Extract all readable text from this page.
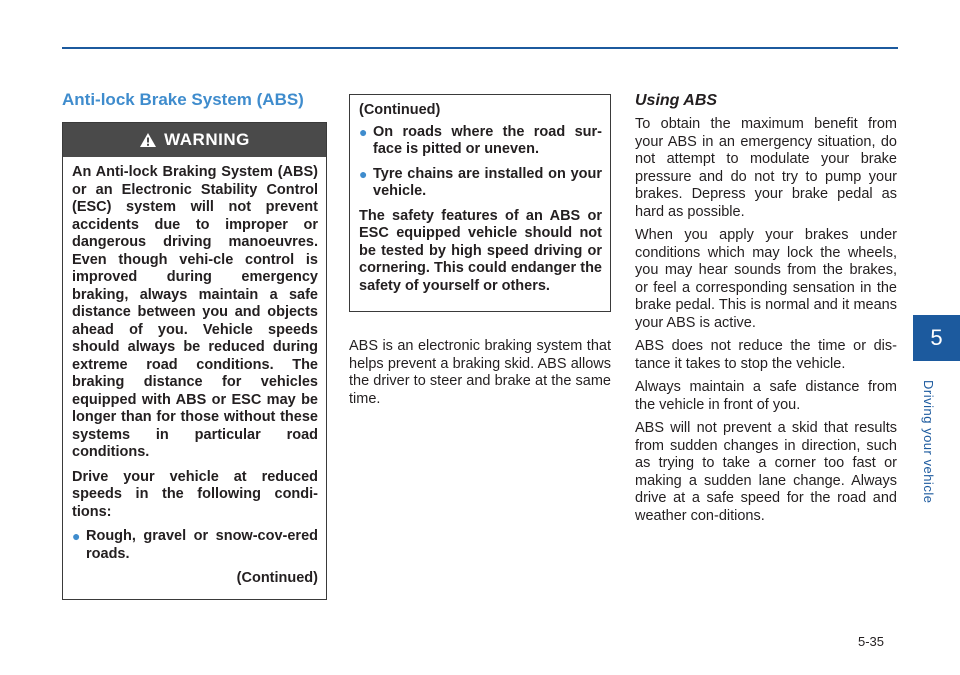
Anti-lock Brake System (ABS)
WARNING

An Anti-lock Braking System (ABS) or an Electronic Stability Control (ESC) system will not prevent accidents due to improper or dangerous driving manoeuvres. Even though vehi-cle control is improved during emergency braking, always maintain a safe distance between you and objects ahead of you. Vehicle speeds should always be reduced during extreme road conditions. The braking distance for vehicles equipped with ABS or ESC may be longer than for those without these systems in particular road conditions.

Drive your vehicle at reduced speeds in the following condi-tions:

● Rough, gravel or snow-cov-ered roads.
(Continued)
(Continued)
● On roads where the road sur-face is pitted or uneven.
● Tyre chains are installed on your vehicle.

The safety features of an ABS or ESC equipped vehicle should not be tested by high speed driving or cornering. This could endanger the safety of yourself or others.

ABS is an electronic braking system that helps prevent a braking skid. ABS allows the driver to steer and brake at the same time.

Using ABS

To obtain the maximum benefit from your ABS in an emergency situation, do not attempt to modulate your brake pressure and do not try to pump your brakes. Depress your brake pedal as hard as possible.

When you apply your brakes under conditions which may lock the wheels, you may hear sounds from the brakes, or feel a corresponding sensation in the brake pedal. This is normal and it means your ABS is active.

ABS does not reduce the time or dis-tance it takes to stop the vehicle.

Always maintain a safe distance from the vehicle in front of you.

ABS will not prevent a skid that results from sudden changes in direction, such as trying to take a corner too fast or making a sudden lane change. Always drive at a safe speed for the road and weather con-ditions.

5
Driving your vehicle
5-35
